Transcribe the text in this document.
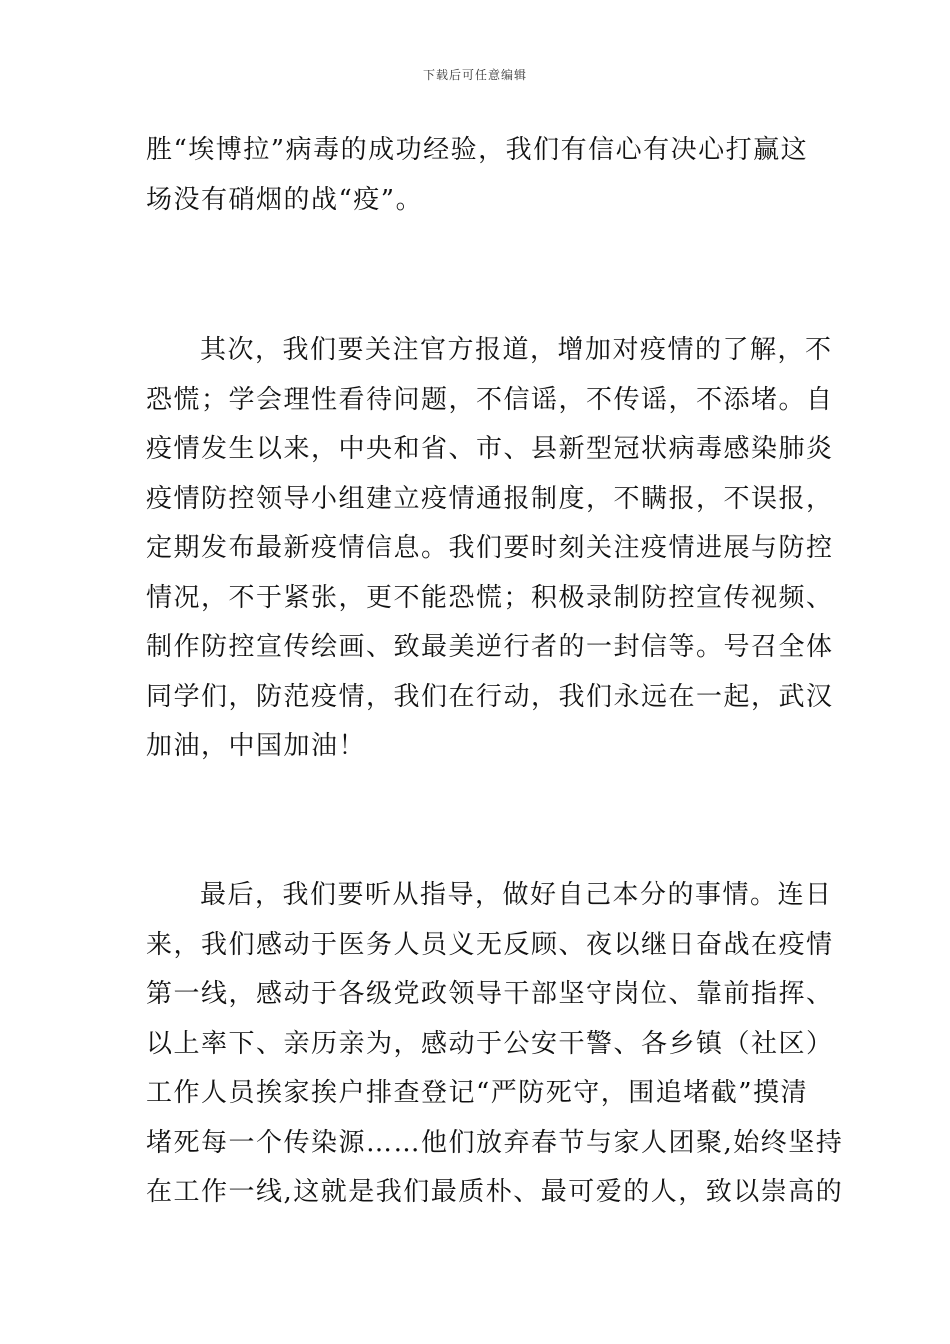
下载后可任意编辑
胜“埃博拉”病毒的成功经验，我们有信心有决心打赢这
场没有硝烟的战“疫”。
其次，我们要关注官方报道，增加对疫情的了解，不
恐慌；学会理性看待问题，不信谣，不传谣，不添堵。自
疫情发生以来，中央和省、市、县新型冠状病毒感染肺炎
疫情防控领导小组建立疫情通报制度，不瞒报，不误报，
定期发布最新疫情信息。我们要时刻关注疫情进展与防控
情况，不于紧张，更不能恐慌；积极录制防控宣传视频、
制作防控宣传绘画、致最美逆行者的一封信等。号召全体
同学们，防范疫情，我们在行动，我们永远在一起，武汉
加油，中国加油！
最后，我们要听从指导，做好自己本分的事情。连日
来，我们感动于医务人员义无反顾、夜以继日奋战在疫情
第一线，感动于各级党政领导干部坚守岗位、靠前指挥、
以上率下、亲历亲为，感动于公安干警、各乡镇（社区）
工作人员挨家挨户排查登记“严防死守，围追堵截”摸清
堵死每一个传染源……他们放弃春节与家人团聚,始终坚持
在工作一线,这就是我们最质朴、最可爱的人，致以崇高的
